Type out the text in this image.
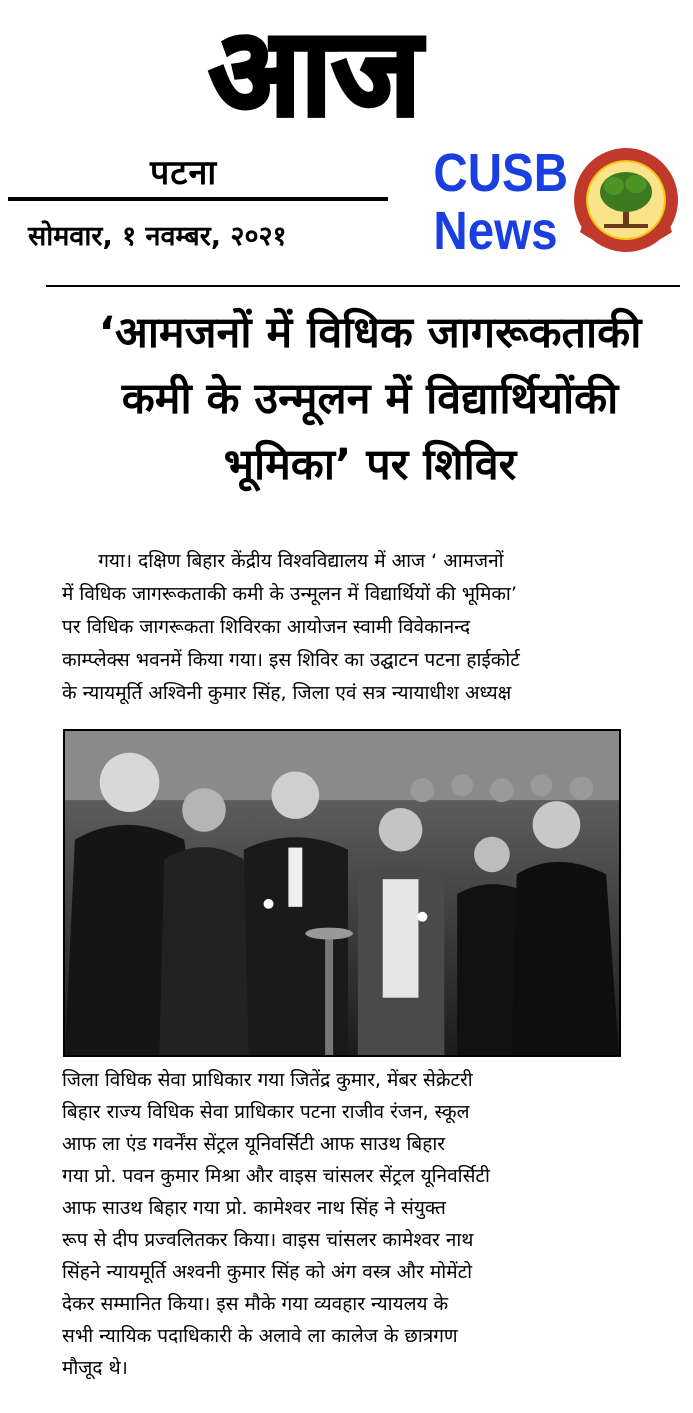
आज
पटना
सोमवार, १ नवम्बर, २०२१
CUSB
News
‘आमजनों में विधिक जागरूकताकी
कमी के उन्मूलन में विद्यार्थियोंकी
भूमिका’ पर शिविर
गया। दक्षिण बिहार केंद्रीय विश्वविद्यालय में आज ‘ आमजनों
में विधिक जागरूकताकी कमी के उन्मूलन में विद्यार्थियों की भूमिका’
पर विधिक जागरूकता शिविरका आयोजन स्वामी विवेकानन्द
काम्प्लेक्स भवनमें किया गया। इस शिविर का उद्घाटन पटना हाईकोर्ट
के न्यायमूर्ति अश्विनी कुमार सिंह, जिला एवं सत्र न्यायाधीश अध्यक्ष
जिला विधिक सेवा प्राधिकार गया जितेंद्र कुमार, मेंबर सेक्रेटरी
बिहार राज्य विधिक सेवा प्राधिकार पटना राजीव रंजन, स्कूल
आफ ला एंड गवर्नेंस सेंट्रल यूनिवर्सिटी आफ साउथ बिहार
गया प्रो. पवन कुमार मिश्रा और वाइस चांसलर सेंट्रल यूनिवर्सिटी
आफ साउथ बिहार गया प्रो. कामेश्वर नाथ सिंह ने संयुक्त
रूप से दीप प्रज्वलितकर किया। वाइस चांसलर कामेश्वर नाथ
सिंहने न्यायमूर्ति अश्वनी कुमार सिंह को अंग वस्त्र और मोमेंटो
देकर सम्मानित किया। इस मौके गया व्यवहार न्यायलय के
सभी न्यायिक पदाधिकारी के अलावे ला कालेज के छात्रगण
मौजूद थे।
